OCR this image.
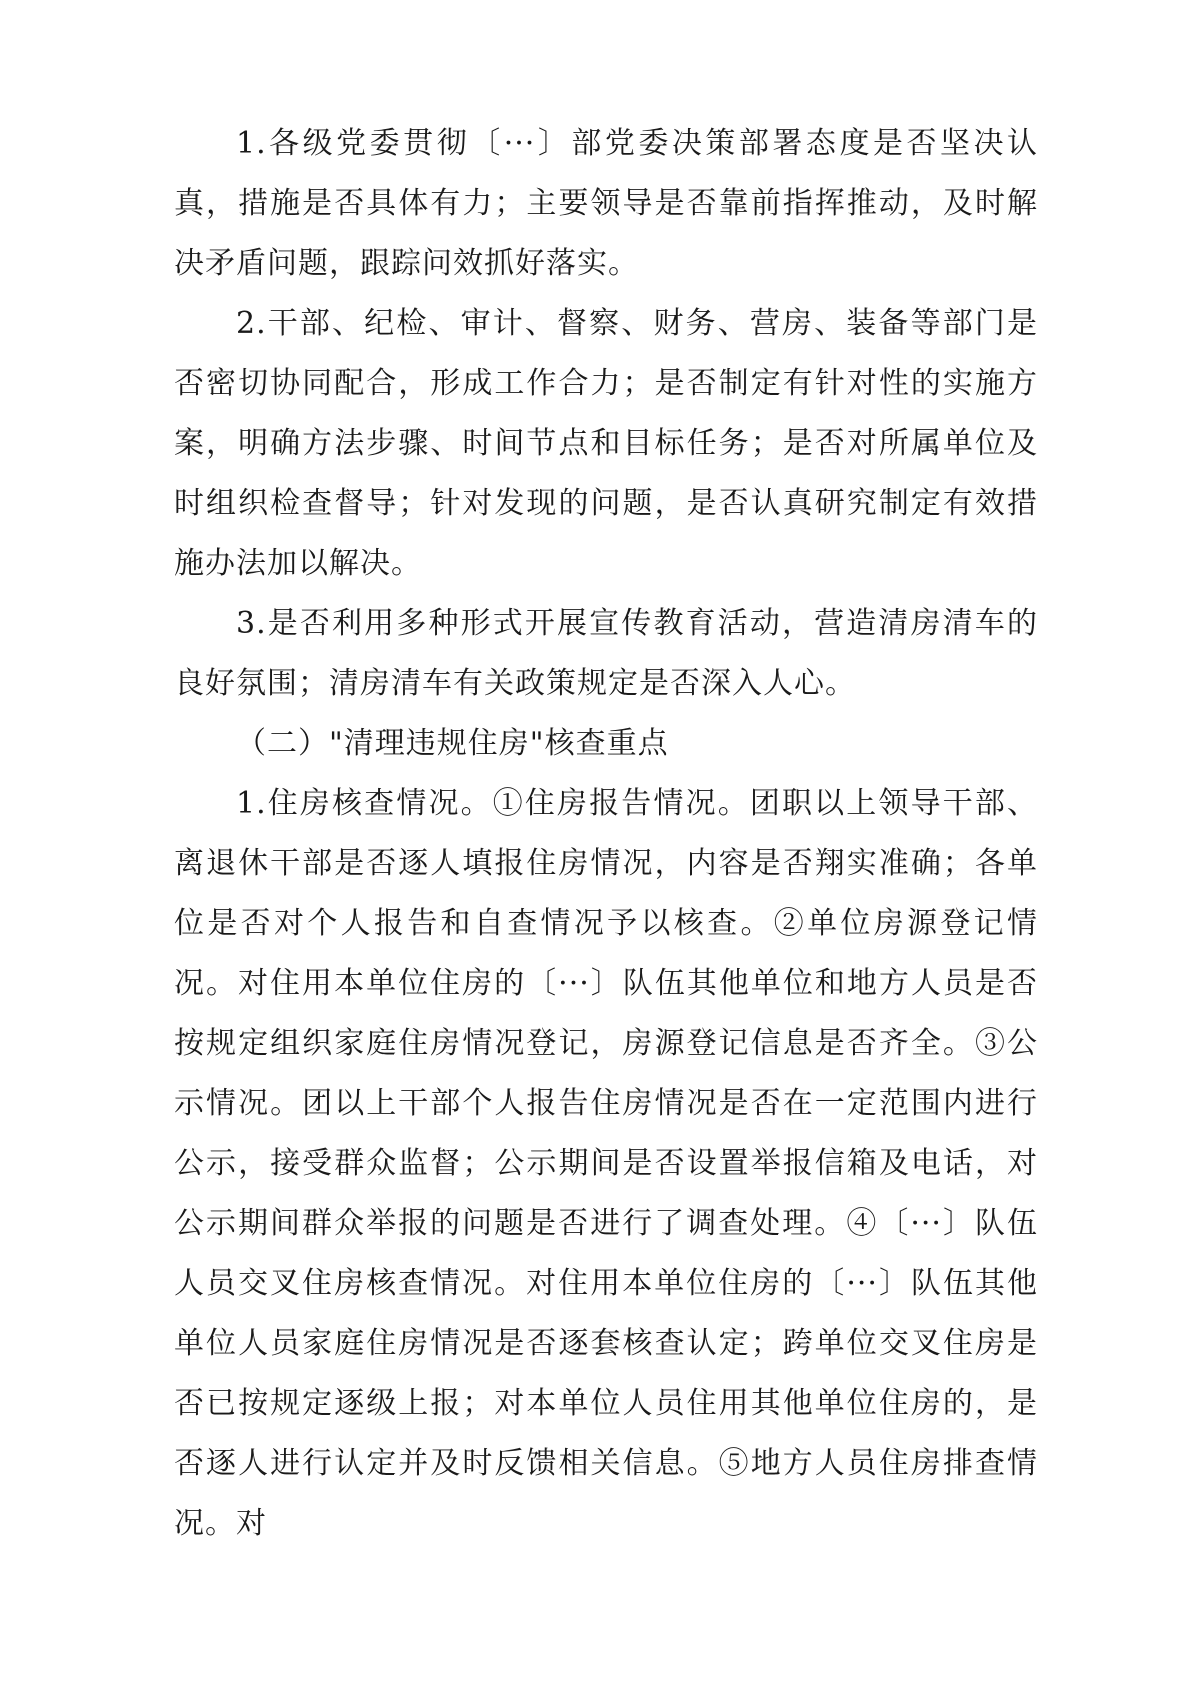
1.各级党委贯彻〔···〕部党委决策部署态度是否坚决认真，措施是否具体有力；主要领导是否靠前指挥推动，及时解决矛盾问题，跟踪问效抓好落实。

2.干部、纪检、审计、督察、财务、营房、装备等部门是否密切协同配合，形成工作合力；是否制定有针对性的实施方案，明确方法步骤、时间节点和目标任务；是否对所属单位及时组织检查督导；针对发现的问题，是否认真研究制定有效措施办法加以解决。

3.是否利用多种形式开展宣传教育活动，营造清房清车的良好氛围；清房清车有关政策规定是否深入人心。

（二）"清理违规住房"核查重点

1.住房核查情况。①住房报告情况。团职以上领导干部、离退休干部是否逐人填报住房情况，内容是否翔实准确；各单位是否对个人报告和自查情况予以核查。②单位房源登记情况。对住用本单位住房的〔···〕队伍其他单位和地方人员是否按规定组织家庭住房情况登记，房源登记信息是否齐全。③公示情况。团以上干部个人报告住房情况是否在一定范围内进行公示，接受群众监督；公示期间是否设置举报信箱及电话，对公示期间群众举报的问题是否进行了调查处理。④〔···〕队伍人员交叉住房核查情况。对住用本单位住房的〔···〕队伍其他单位人员家庭住房情况是否逐套核查认定；跨单位交叉住房是否已按规定逐级上报；对本单位人员住用其他单位住房的，是否逐人进行认定并及时反馈相关信息。⑤地方人员住房排查情况。对
